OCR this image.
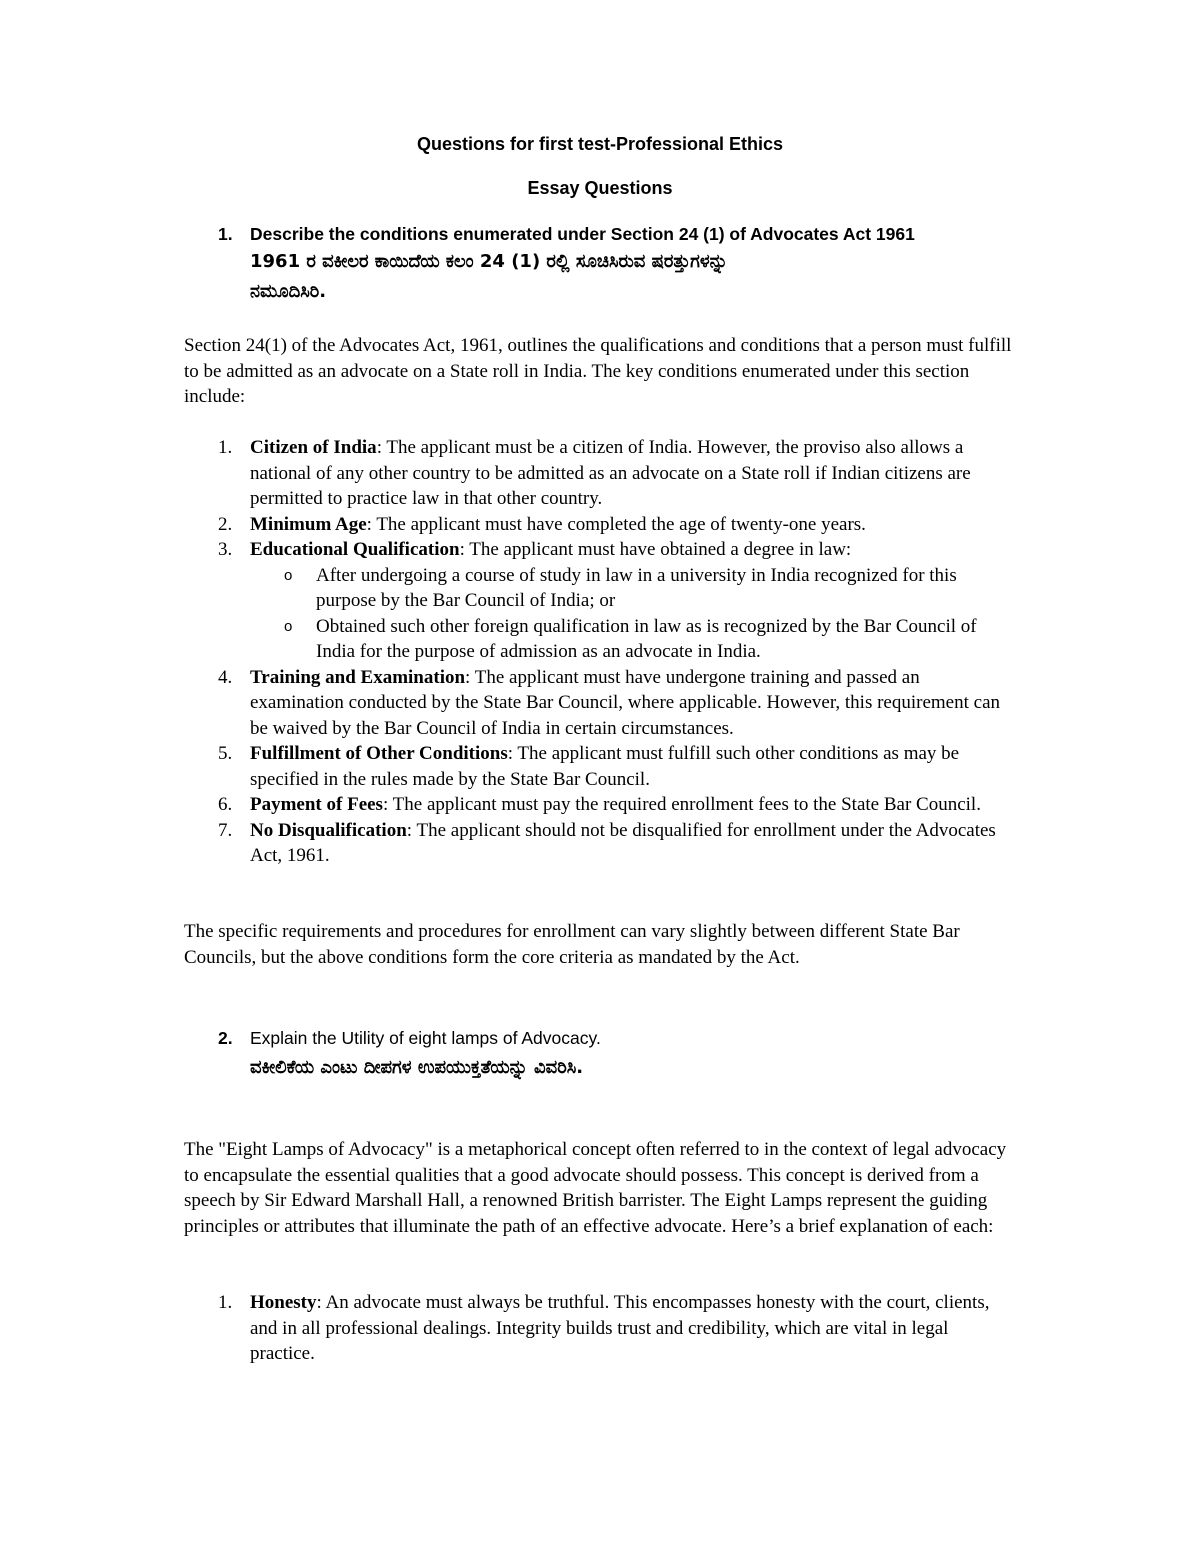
Questions for first test-Professional Ethics

Essay Questions

1. Describe the conditions enumerated under Section 24 (1) of Advocates Act 1961
1961 ರ ವಕೀಲರ ಕಾಯಿದೆಯ ಕಲಂ 24 (1) ರಲ್ಲಿ ಸೂಚಿಸಿರುವ ಷರತ್ತುಗಳನ್ನು
ನಮೂದಿಸಿರಿ.

Section 24(1) of the Advocates Act, 1961, outlines the qualifications and conditions that a person must fulfill to be admitted as an advocate on a State roll in India. The key conditions enumerated under this section include:

1. Citizen of India: The applicant must be a citizen of India. However, the proviso also allows a national of any other country to be admitted as an advocate on a State roll if Indian citizens are permitted to practice law in that other country.
2. Minimum Age: The applicant must have completed the age of twenty-one years.
3. Educational Qualification: The applicant must have obtained a degree in law:
o After undergoing a course of study in law in a university in India recognized for this purpose by the Bar Council of India; or
o Obtained such other foreign qualification in law as is recognized by the Bar Council of India for the purpose of admission as an advocate in India.
4. Training and Examination: The applicant must have undergone training and passed an examination conducted by the State Bar Council, where applicable. However, this requirement can be waived by the Bar Council of India in certain circumstances.
5. Fulfillment of Other Conditions: The applicant must fulfill such other conditions as may be specified in the rules made by the State Bar Council.
6. Payment of Fees: The applicant must pay the required enrollment fees to the State Bar Council.
7. No Disqualification: The applicant should not be disqualified for enrollment under the Advocates Act, 1961.

The specific requirements and procedures for enrollment can vary slightly between different State Bar Councils, but the above conditions form the core criteria as mandated by the Act.

2. Explain the Utility of eight lamps of Advocacy.
ವಕೀಲಿಕೆಯ ಎಂಟು ದೀಪಗಳ ಉಪಯುಕ್ತತೆಯನ್ನು ವಿವರಿಸಿ.

The "Eight Lamps of Advocacy" is a metaphorical concept often referred to in the context of legal advocacy to encapsulate the essential qualities that a good advocate should possess. This concept is derived from a speech by Sir Edward Marshall Hall, a renowned British barrister. The Eight Lamps represent the guiding principles or attributes that illuminate the path of an effective advocate. Here’s a brief explanation of each:

1. Honesty: An advocate must always be truthful. This encompasses honesty with the court, clients, and in all professional dealings. Integrity builds trust and credibility, which are vital in legal practice.
